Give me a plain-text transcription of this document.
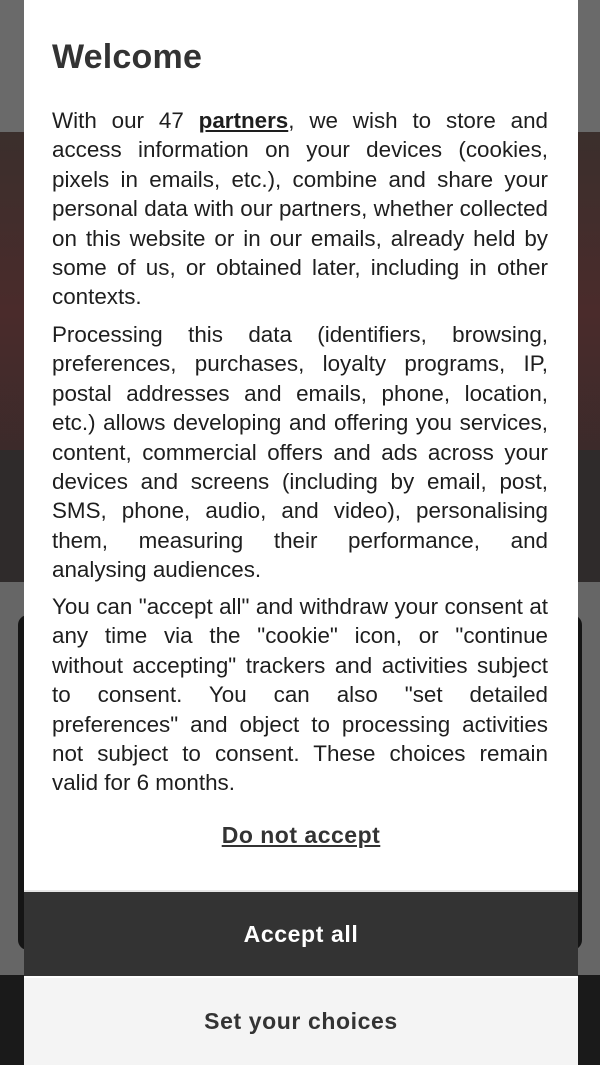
Welcome

With our 47 partners, we wish to store and access information on your devices (cookies, pixels in emails, etc.), combine and share your personal data with our partners, whether collected on this website or in our emails, already held by some of us, or obtained later, including in other contexts.

Processing this data (identifiers, browsing, preferences, purchases, loyalty programs, IP, postal addresses and emails, phone, location, etc.) allows developing and offering you services, content, commercial offers and ads across your devices and screens (including by email, post, SMS, phone, audio, and video), personalising them, measuring their performance, and analysing audiences.

You can "accept all" and withdraw your consent at any time via the "cookie" icon, or "continue without accepting" trackers and activities subject to consent. You can also "set detailed preferences" and object to processing activities not subject to consent. These choices remain valid for 6 months.

Do not accept
Accept all
Set your choices
